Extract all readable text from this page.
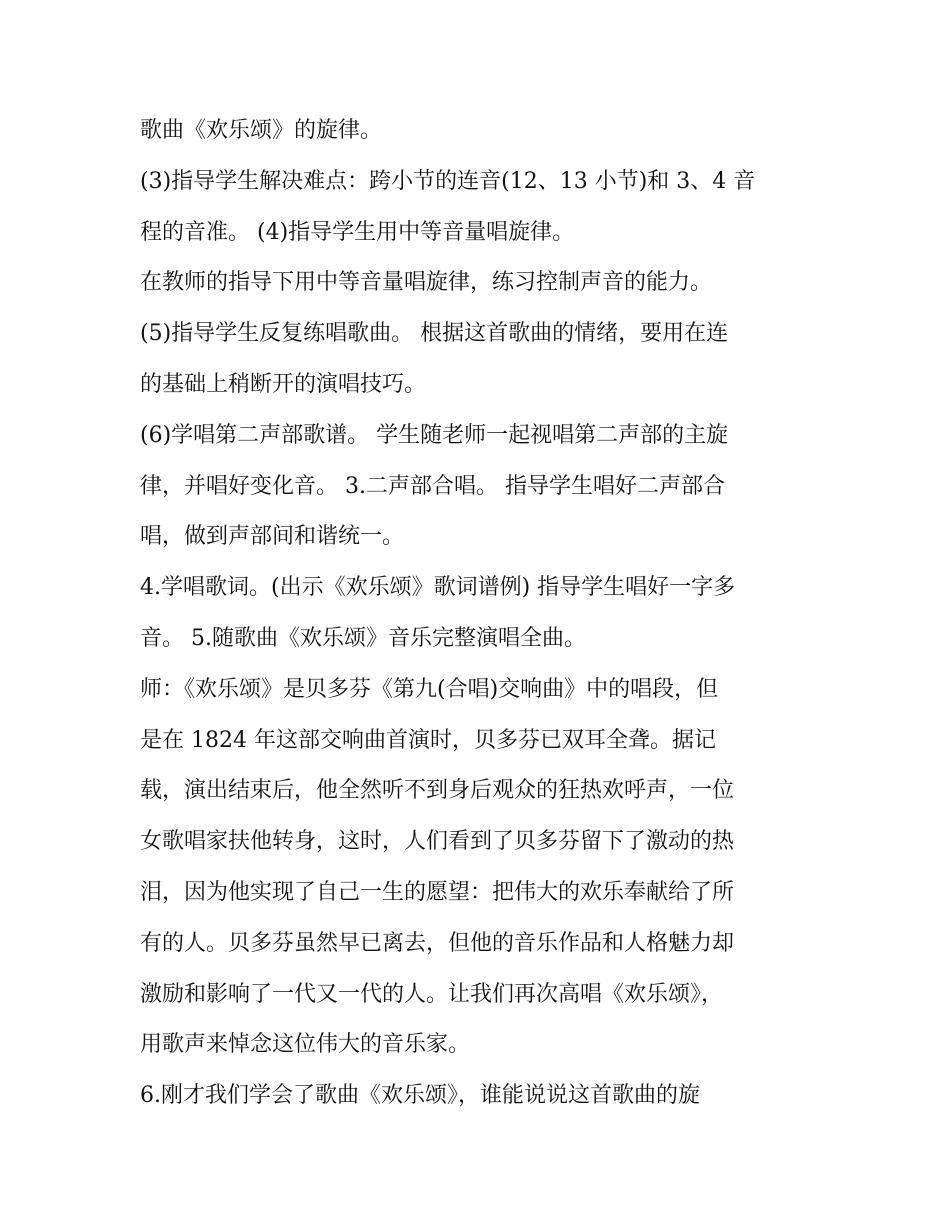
歌曲《欢乐颂》的旋律。
(3)指导学生解决难点：跨小节的连音(12、13 小节)和 3、4 音
程的音准。 (4)指导学生用中等音量唱旋律。
在教师的指导下用中等音量唱旋律，练习控制声音的能力。
(5)指导学生反复练唱歌曲。 根据这首歌曲的情绪，要用在连
的基础上稍断开的演唱技巧。
(6)学唱第二声部歌谱。 学生随老师一起视唱第二声部的主旋
律，并唱好变化音。 3.二声部合唱。 指导学生唱好二声部合
唱，做到声部间和谐统一。
4.学唱歌词。(出示《欢乐颂》歌词谱例) 指导学生唱好一字多
音。 5.随歌曲《欢乐颂》音乐完整演唱全曲。
师：《欢乐颂》是贝多芬《第九(合唱)交响曲》中的唱段，但
是在 1824 年这部交响曲首演时，贝多芬已双耳全聋。据记
载，演出结束后，他全然听不到身后观众的狂热欢呼声，一位
女歌唱家扶他转身，这时，人们看到了贝多芬留下了激动的热
泪，因为他实现了自己一生的愿望：把伟大的欢乐奉献给了所
有的人。贝多芬虽然早已离去，但他的音乐作品和人格魅力却
激励和影响了一代又一代的人。让我们再次高唱《欢乐颂》，
用歌声来悼念这位伟大的音乐家。
6.刚才我们学会了歌曲《欢乐颂》，谁能说说这首歌曲的旋
